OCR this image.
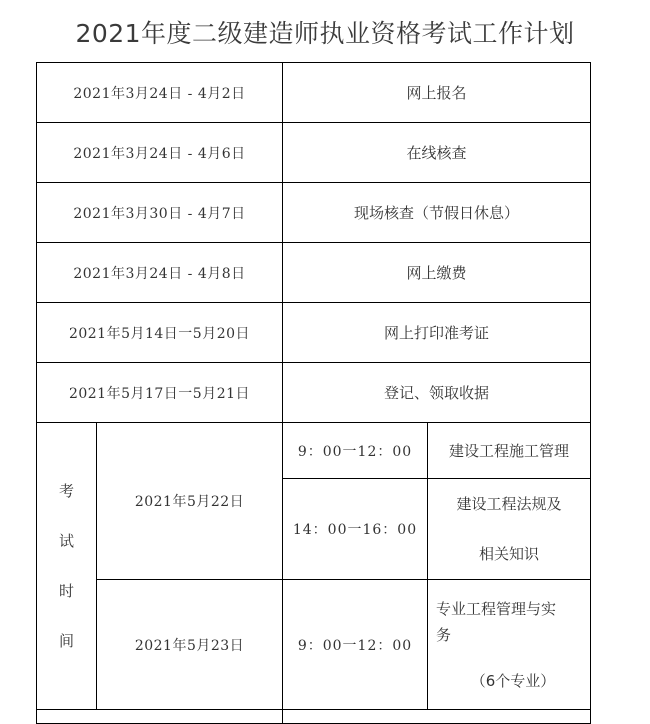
2021年度二级建造师执业资格考试工作计划
2021年3月24日 - 4月2日		网上报名	
2021年3月24日 - 4月6日		在线核查	
2021年3月30日 - 4月7日		现场核查（节假日休息）	
2021年3月24日 - 4月8日		网上缴费	
2021年5月14日一5月20日		网上打印准考证	
2021年5月17日一5月21日		登记、领取收据	
考
试
时
间	2021年5月22日	9：00一12：00	建设工程施工管理
		14：00一16：00	建设工程法规及
相关知识
	2021年5月23日	9：00一12：00	专业工程管理与实
务
（6个专业）
